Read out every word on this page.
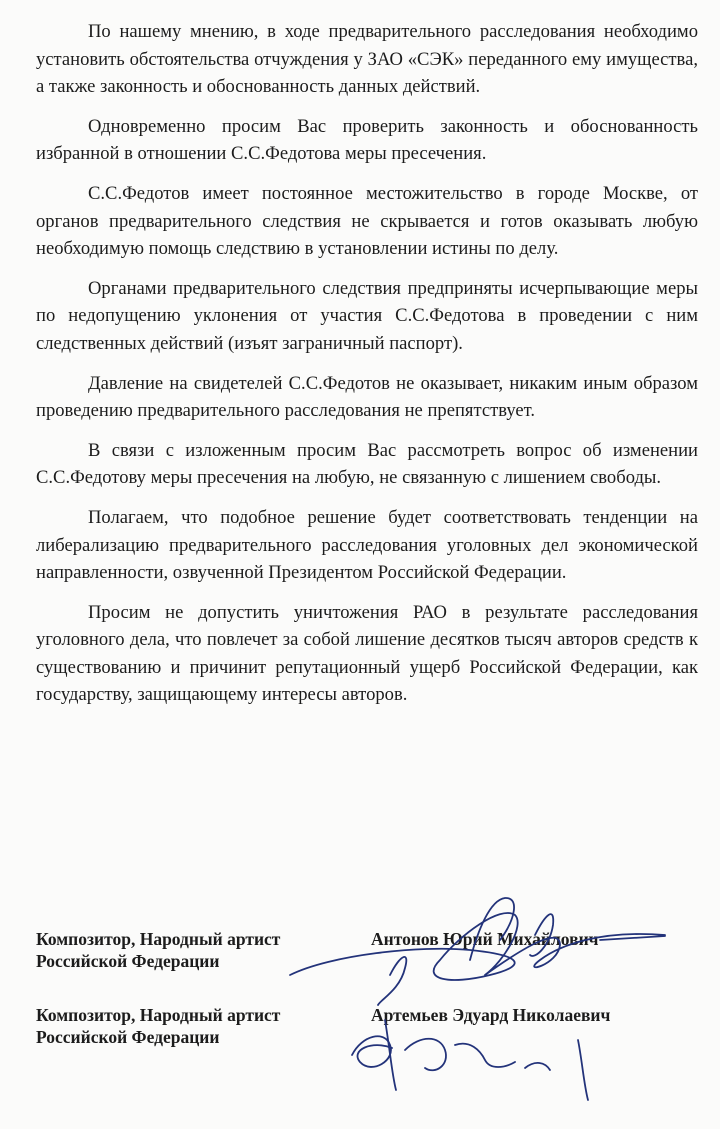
По нашему мнению, в ходе предварительного расследования необходимо установить обстоятельства отчуждения у ЗАО «СЭК» переданного ему имущества, а также законность и обоснованность данных действий.

Одновременно просим Вас проверить законность и обоснованность избранной в отношении С.С.Федотова меры пресечения.

С.С.Федотов имеет постоянное местожительство в городе Москве, от органов предварительного следствия не скрывается и готов оказывать любую необходимую помощь следствию в установлении истины по делу.

Органами предварительного следствия предприняты исчерпывающие меры по недопущению уклонения от участия С.С.Федотова в проведении с ним следственных действий (изъят заграничный паспорт).

Давление на свидетелей С.С.Федотов не оказывает, никаким иным образом проведению предварительного расследования не препятствует.

В связи с изложенным просим Вас рассмотреть вопрос об изменении С.С.Федотову меры пресечения на любую, не связанную с лишением свободы.

Полагаем, что подобное решение будет соответствовать тенденции на либерализацию предварительного расследования уголовных дел экономической направленности, озвученной Президентом Российской Федерации.

Просим не допустить уничтожения РАО в результате расследования уголовного дела, что повлечет за собой лишение десятков тысяч авторов средств к существованию и причинит репутационный ущерб Российской Федерации, как государству, защищающему интересы авторов.

Композитор, Народный артист Российской Федерации
Антонов Юрий Михайлович
Композитор, Народный артист Российской Федерации
Артемьев Эдуард Николаевич
